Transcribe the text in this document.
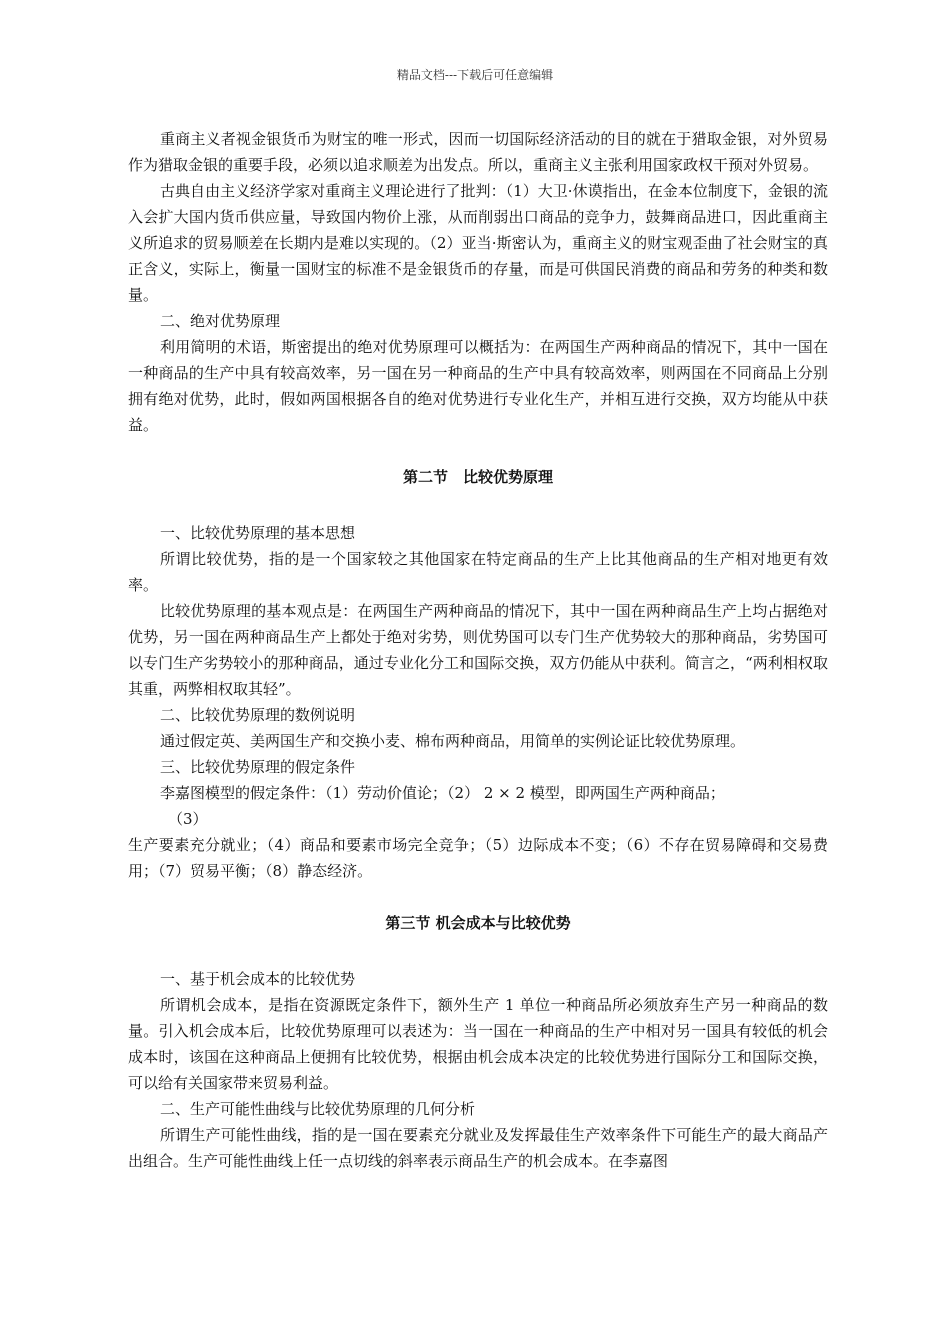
精品文档---下载后可任意编辑

重商主义者视金银货币为财宝的唯一形式，因而一切国际经济活动的目的就在于猎取金银，对外贸易作为猎取金银的重要手段，必须以追求顺差为出发点。所以，重商主义主张利用国家政权干预对外贸易。

古典自由主义经济学家对重商主义理论进行了批判：（1）大卫·休谟指出，在金本位制度下，金银的流入会扩大国内货币供应量，导致国内物价上涨，从而削弱出口商品的竞争力，鼓舞商品进口，因此重商主义所追求的贸易顺差在长期内是难以实现的。（2）亚当·斯密认为，重商主义的财宝观歪曲了社会财宝的真正含义，实际上，衡量一国财宝的标准不是金银货币的存量，而是可供国民消费的商品和劳务的种类和数量。

二、绝对优势原理

利用简明的术语，斯密提出的绝对优势原理可以概括为：在两国生产两种商品的情况下，其中一国在一种商品的生产中具有较高效率，另一国在另一种商品的生产中具有较高效率，则两国在不同商品上分别拥有绝对优势，此时，假如两国根据各自的绝对优势进行专业化生产，并相互进行交换，双方均能从中获益。

第二节　比较优势原理

一、比较优势原理的基本思想

所谓比较优势，指的是一个国家较之其他国家在特定商品的生产上比其他商品的生产相对地更有效率。

比较优势原理的基本观点是：在两国生产两种商品的情况下，其中一国在两种商品生产上均占据绝对优势，另一国在两种商品生产上都处于绝对劣势，则优势国可以专门生产优势较大的那种商品，劣势国可以专门生产劣势较小的那种商品，通过专业化分工和国际交换，双方仍能从中获利。简言之，“两利相权取其重，两弊相权取其轻”。

二、比较优势原理的数例说明

通过假定英、美两国生产和交换小麦、棉布两种商品，用简单的实例论证比较优势原理。

三、比较优势原理的假定条件

李嘉图模型的假定条件：（1）劳动价值论；（2） 2 × 2 模型，即两国生产两种商品；

（3）

生产要素充分就业；（4）商品和要素市场完全竞争；（5）边际成本不变；（6）不存在贸易障碍和交易费用；（7）贸易平衡；（8）静态经济。

第三节 机会成本与比较优势

一、基于机会成本的比较优势

所谓机会成本，是指在资源既定条件下，额外生产 1 单位一种商品所必须放弃生产另一种商品的数量。引入机会成本后，比较优势原理可以表述为：当一国在一种商品的生产中相对另一国具有较低的机会成本时，该国在这种商品上便拥有比较优势，根据由机会成本决定的比较优势进行国际分工和国际交换，可以给有关国家带来贸易利益。

二、生产可能性曲线与比较优势原理的几何分析

所谓生产可能性曲线，指的是一国在要素充分就业及发挥最佳生产效率条件下可能生产的最大商品产出组合。生产可能性曲线上任一点切线的斜率表示商品生产的机会成本。在李嘉图
